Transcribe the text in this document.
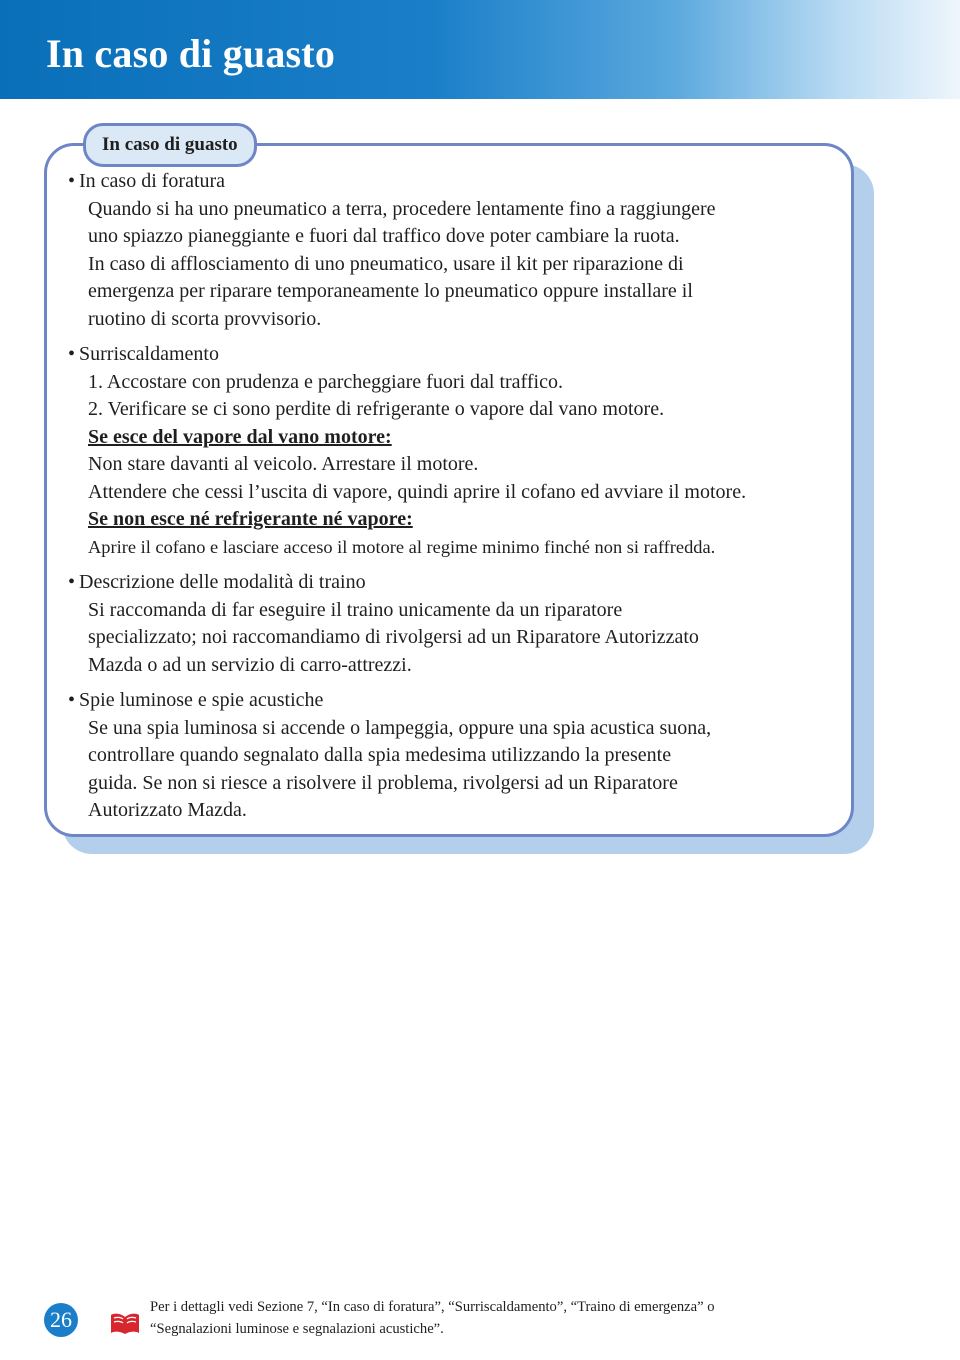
In caso di guasto
In caso di guasto

• In caso di foratura

Quando si ha uno pneumatico a terra, procedere lentamente fino a raggiungere

uno spiazzo pianeggiante e fuori dal traffico dove poter cambiare la ruota.

In caso di afflosciamento di uno pneumatico, usare il kit per riparazione di

emergenza per riparare temporaneamente lo pneumatico oppure installare il

ruotino di scorta provvisorio.

• Surriscaldamento

1. Accostare con prudenza e parcheggiare fuori dal traffico.

2. Verificare se ci sono perdite di refrigerante o vapore dal vano motore.

Se esce del vapore dal vano motore:

Non stare davanti al veicolo. Arrestare il motore.

Attendere che cessi l’uscita di vapore, quindi aprire il cofano ed avviare il motore.

Se non esce né refrigerante né vapore:

Aprire il cofano e lasciare acceso il motore al regime minimo finché non si raffredda.

• Descrizione delle modalità di traino

Si raccomanda di far eseguire il traino unicamente da un riparatore

specializzato; noi raccomandiamo di rivolgersi ad un Riparatore Autorizzato

Mazda o ad un servizio di carro-attrezzi.

• Spie luminose e spie acustiche

Se una spia luminosa si accende o lampeggia, oppure una spia acustica suona,

controllare quando segnalato dalla spia medesima utilizzando la presente

guida. Se non si riesce a risolvere il problema, rivolgersi ad un Riparatore

Autorizzato Mazda.

26	Per i dettagli vedi Sezione 7, “In caso di foratura”, “Surriscaldamento”, “Traino di emergenza” o

“Segnalazioni luminose e segnalazioni acustiche”.
